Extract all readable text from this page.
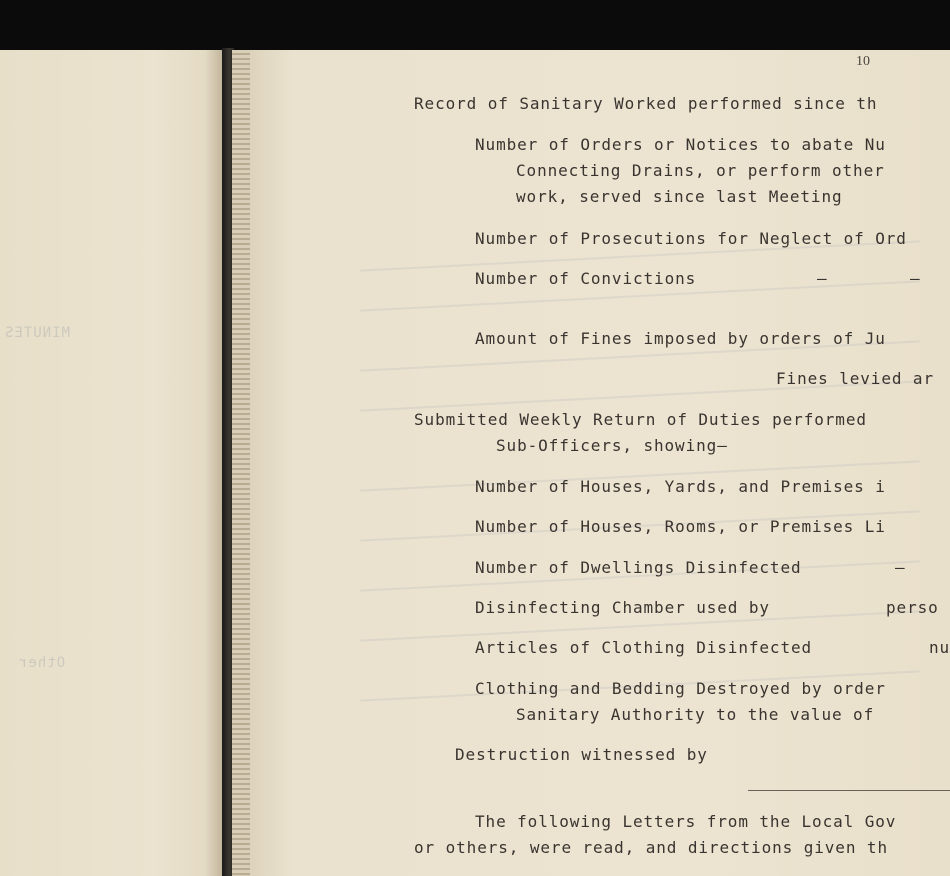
MINUTES
Other
10
Record of Sanitary Worked performed since th
Number of Orders or Notices to abate Nu
Connecting Drains, or perform other
work, served since last Meeting
Number of Prosecutions for Neglect of Ord
Number of Convictions	–	–
Amount of Fines imposed by orders of Ju
Fines levied ar
Submitted Weekly Return of Duties performed
Sub-Officers, showing—
Number of Houses, Yards, and Premises i
Number of Houses, Rooms, or Premises Li
Number of Dwellings Disinfected	–
Disinfecting Chamber used by	perso
Articles of Clothing Disinfected	nu
Clothing and Bedding Destroyed by order
Sanitary Authority to the value of
Destruction witnessed by
The following Letters from the Local Gov
or others, were read, and directions given th
